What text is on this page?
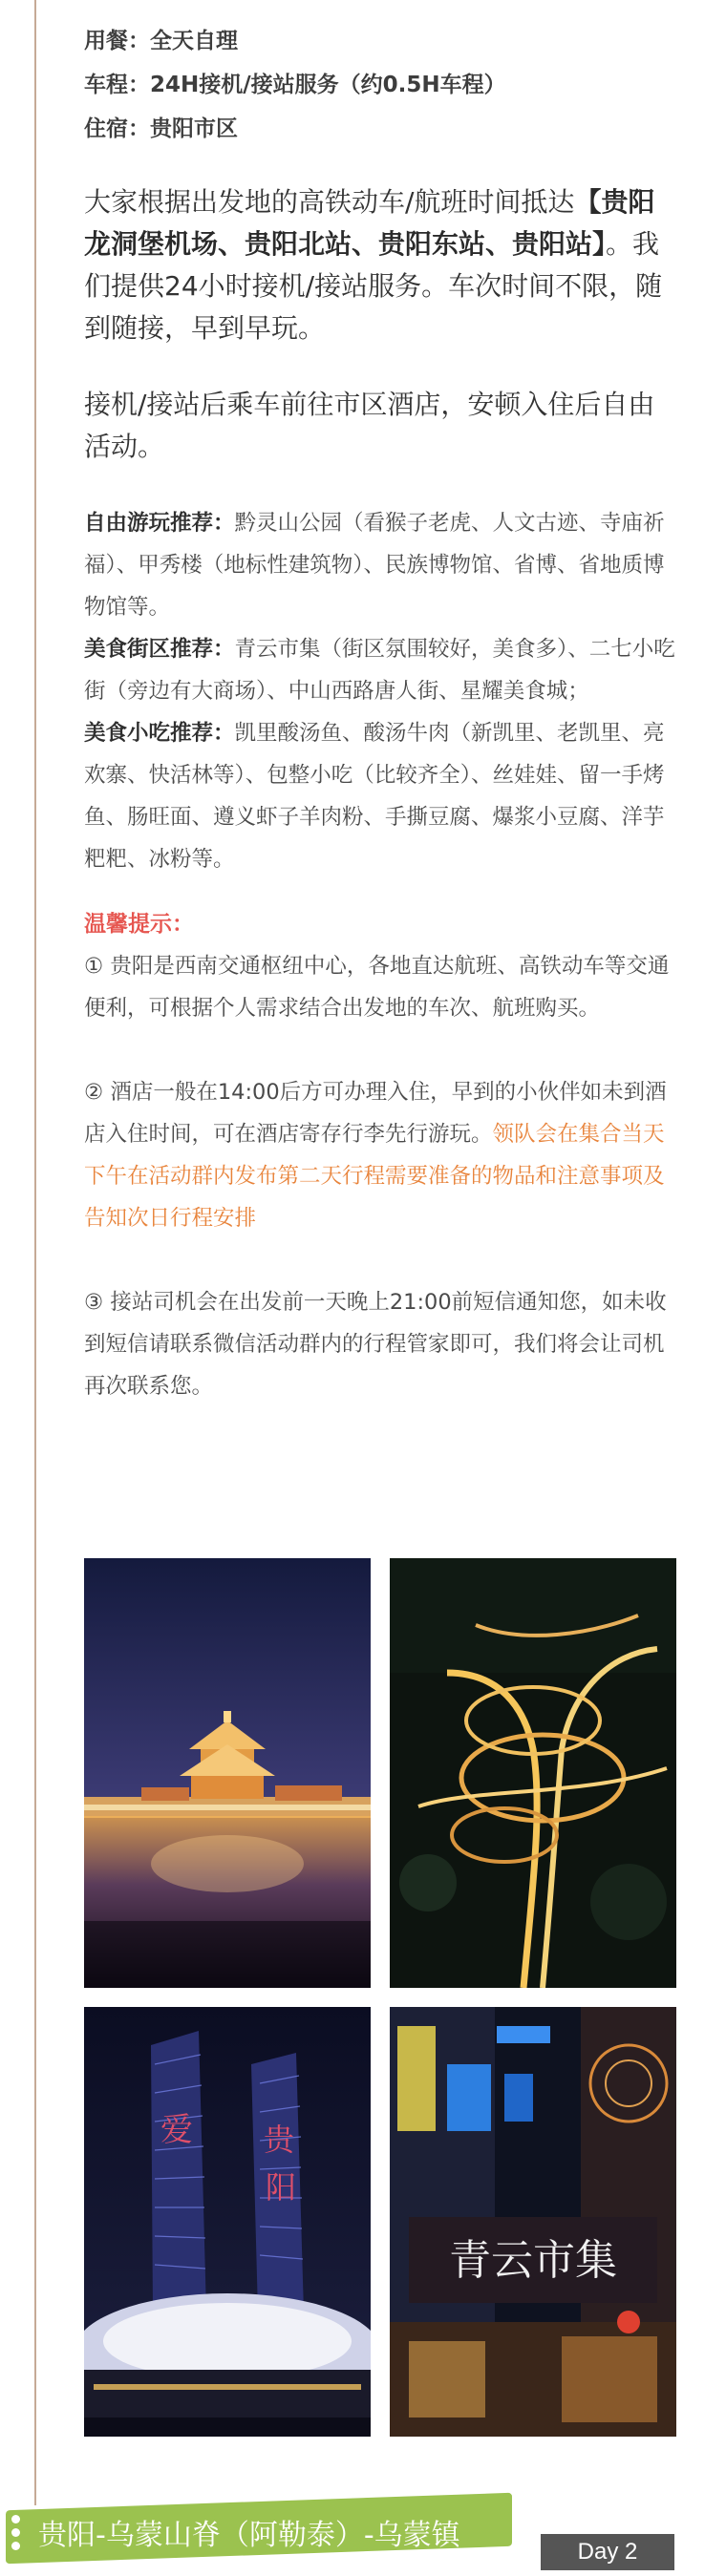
用餐：全天自理
车程：24H接机/接站服务（约0.5H车程）
住宿：贵阳市区
大家根据出发地的高铁动车/航班时间抵达【贵阳龙洞堡机场、贵阳北站、贵阳东站、贵阳站】。我们提供24小时接机/接站服务。车次时间不限，随到随接，早到早玩。
接机/接站后乘车前往市区酒店，安顿入住后自由活动。

自由游玩推荐：黔灵山公园（看猴子老虎、人文古迹、寺庙祈福）、甲秀楼（地标性建筑物）、民族博物馆、省博、省地质博物馆等。

美食街区推荐：青云市集（街区氛围较好，美食多）、二七小吃街（旁边有大商场）、中山西路唐人街、星耀美食城；

美食小吃推荐：凯里酸汤鱼、酸汤牛肉（新凯里、老凯里、亮欢寨、快活林等）、包整小吃（比较齐全）、丝娃娃、留一手烤鱼、肠旺面、遵义虾子羊肉粉、手撕豆腐、爆浆小豆腐、洋芋粑粑、冰粉等。

温馨提示：

① 贵阳是西南交通枢纽中心，各地直达航班、高铁动车等交通便利，可根据个人需求结合出发地的车次、航班购买。

② 酒店一般在14:00后方可办理入住，早到的小伙伴如未到酒店入住时间，可在酒店寄存行李先行游玩。领队会在集合当天下午在活动群内发布第二天行程需要准备的物品和注意事项及告知次日行程安排

③ 接站司机会在出发前一天晚上21:00前短信通知您，如未收到短信请联系微信活动群内的行程管家即可，我们将会让司机再次联系您。

爱 贵
阳
青云市集
贵阳-乌蒙山脊（阿勒泰）-乌蒙镇	Day 2
